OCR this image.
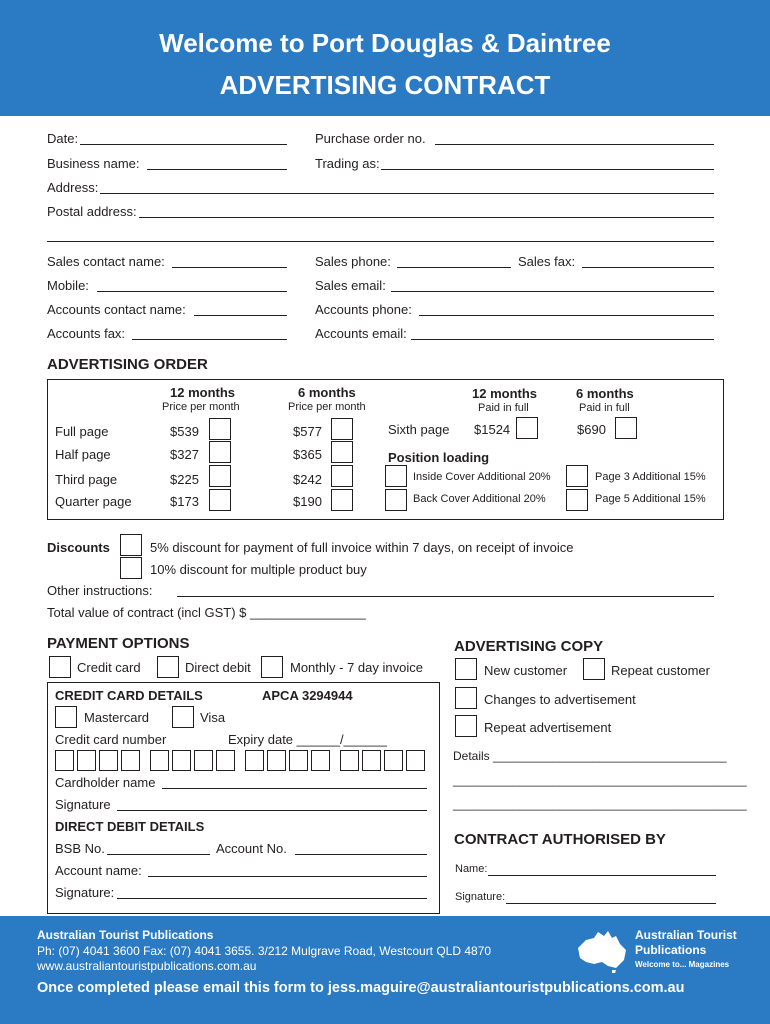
Welcome to Port Douglas & Daintree
ADVERTISING CONTRACT
Date:	Purchase order no.
Business name:	Trading as:
Address:
Postal address:
Sales contact name:	Sales phone:	Sales fax:
Mobile:	Sales email:
Accounts contact name:	Accounts phone:
Accounts fax:	Accounts email:
ADVERTISING ORDER
12 months
Price per month
6 months
Price per month
12 months
Paid in full
6 months
Paid in full
Full page	$539	$577
Half page	$327	$365
Third page	$225	$242
Quarter page	$173	$190
Sixth page $1524	$690
Position loading
Inside Cover Additional 20%	Page 3 Additional 15%
Back Cover Additional 20%	Page 5 Additional 15%
Discounts	5% discount for payment of full invoice within 7 days, on receipt of invoice
10% discount for multiple product buy
Other instructions:
Total value of contract (incl GST) $ ________________
PAYMENT OPTIONS
Credit card	Direct debit	Monthly - 7 day invoice
CREDIT CARD DETAILS	APCA 3294944
Mastercard	Visa
Credit card number	Expiry date ______/______
Cardholder name
Signature
DIRECT DEBIT DETAILS
BSB No.	Account No.
Account name:
Signature:
ADVERTISING COPY
New customer	Repeat customer
Changes to advertisement
Repeat advertisement
Details ___________________________________
____________________________________________
____________________________________________
CONTRACT AUTHORISED BY
Name:
Signature:
Australian Tourist Publications
Ph: (07) 4041 3600 Fax: (07) 4041 3655. 3/212 Mulgrave Road, Westcourt QLD 4870
www.australiantouristpublications.com.au
Australian Tourist
Publications
Welcome to... Magazines
Once completed please email this form to jess.maguire@australiantouristpublications.com.au
